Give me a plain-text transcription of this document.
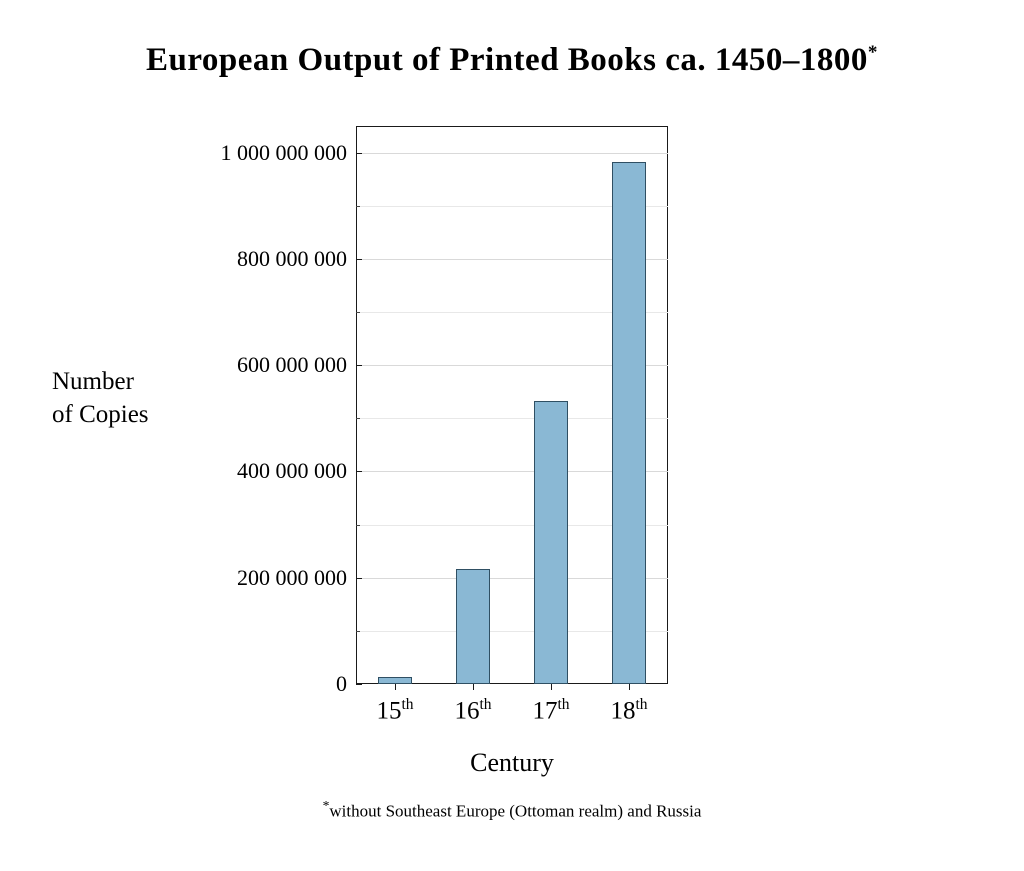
European Output of Printed Books ca. 1450–1800*
Number
of Copies
0
200 000 000
400 000 000
600 000 000
800 000 000
1 000 000 000
15th 16th 17th 18th
Century
*without Southeast Europe (Ottoman realm) and Russia
